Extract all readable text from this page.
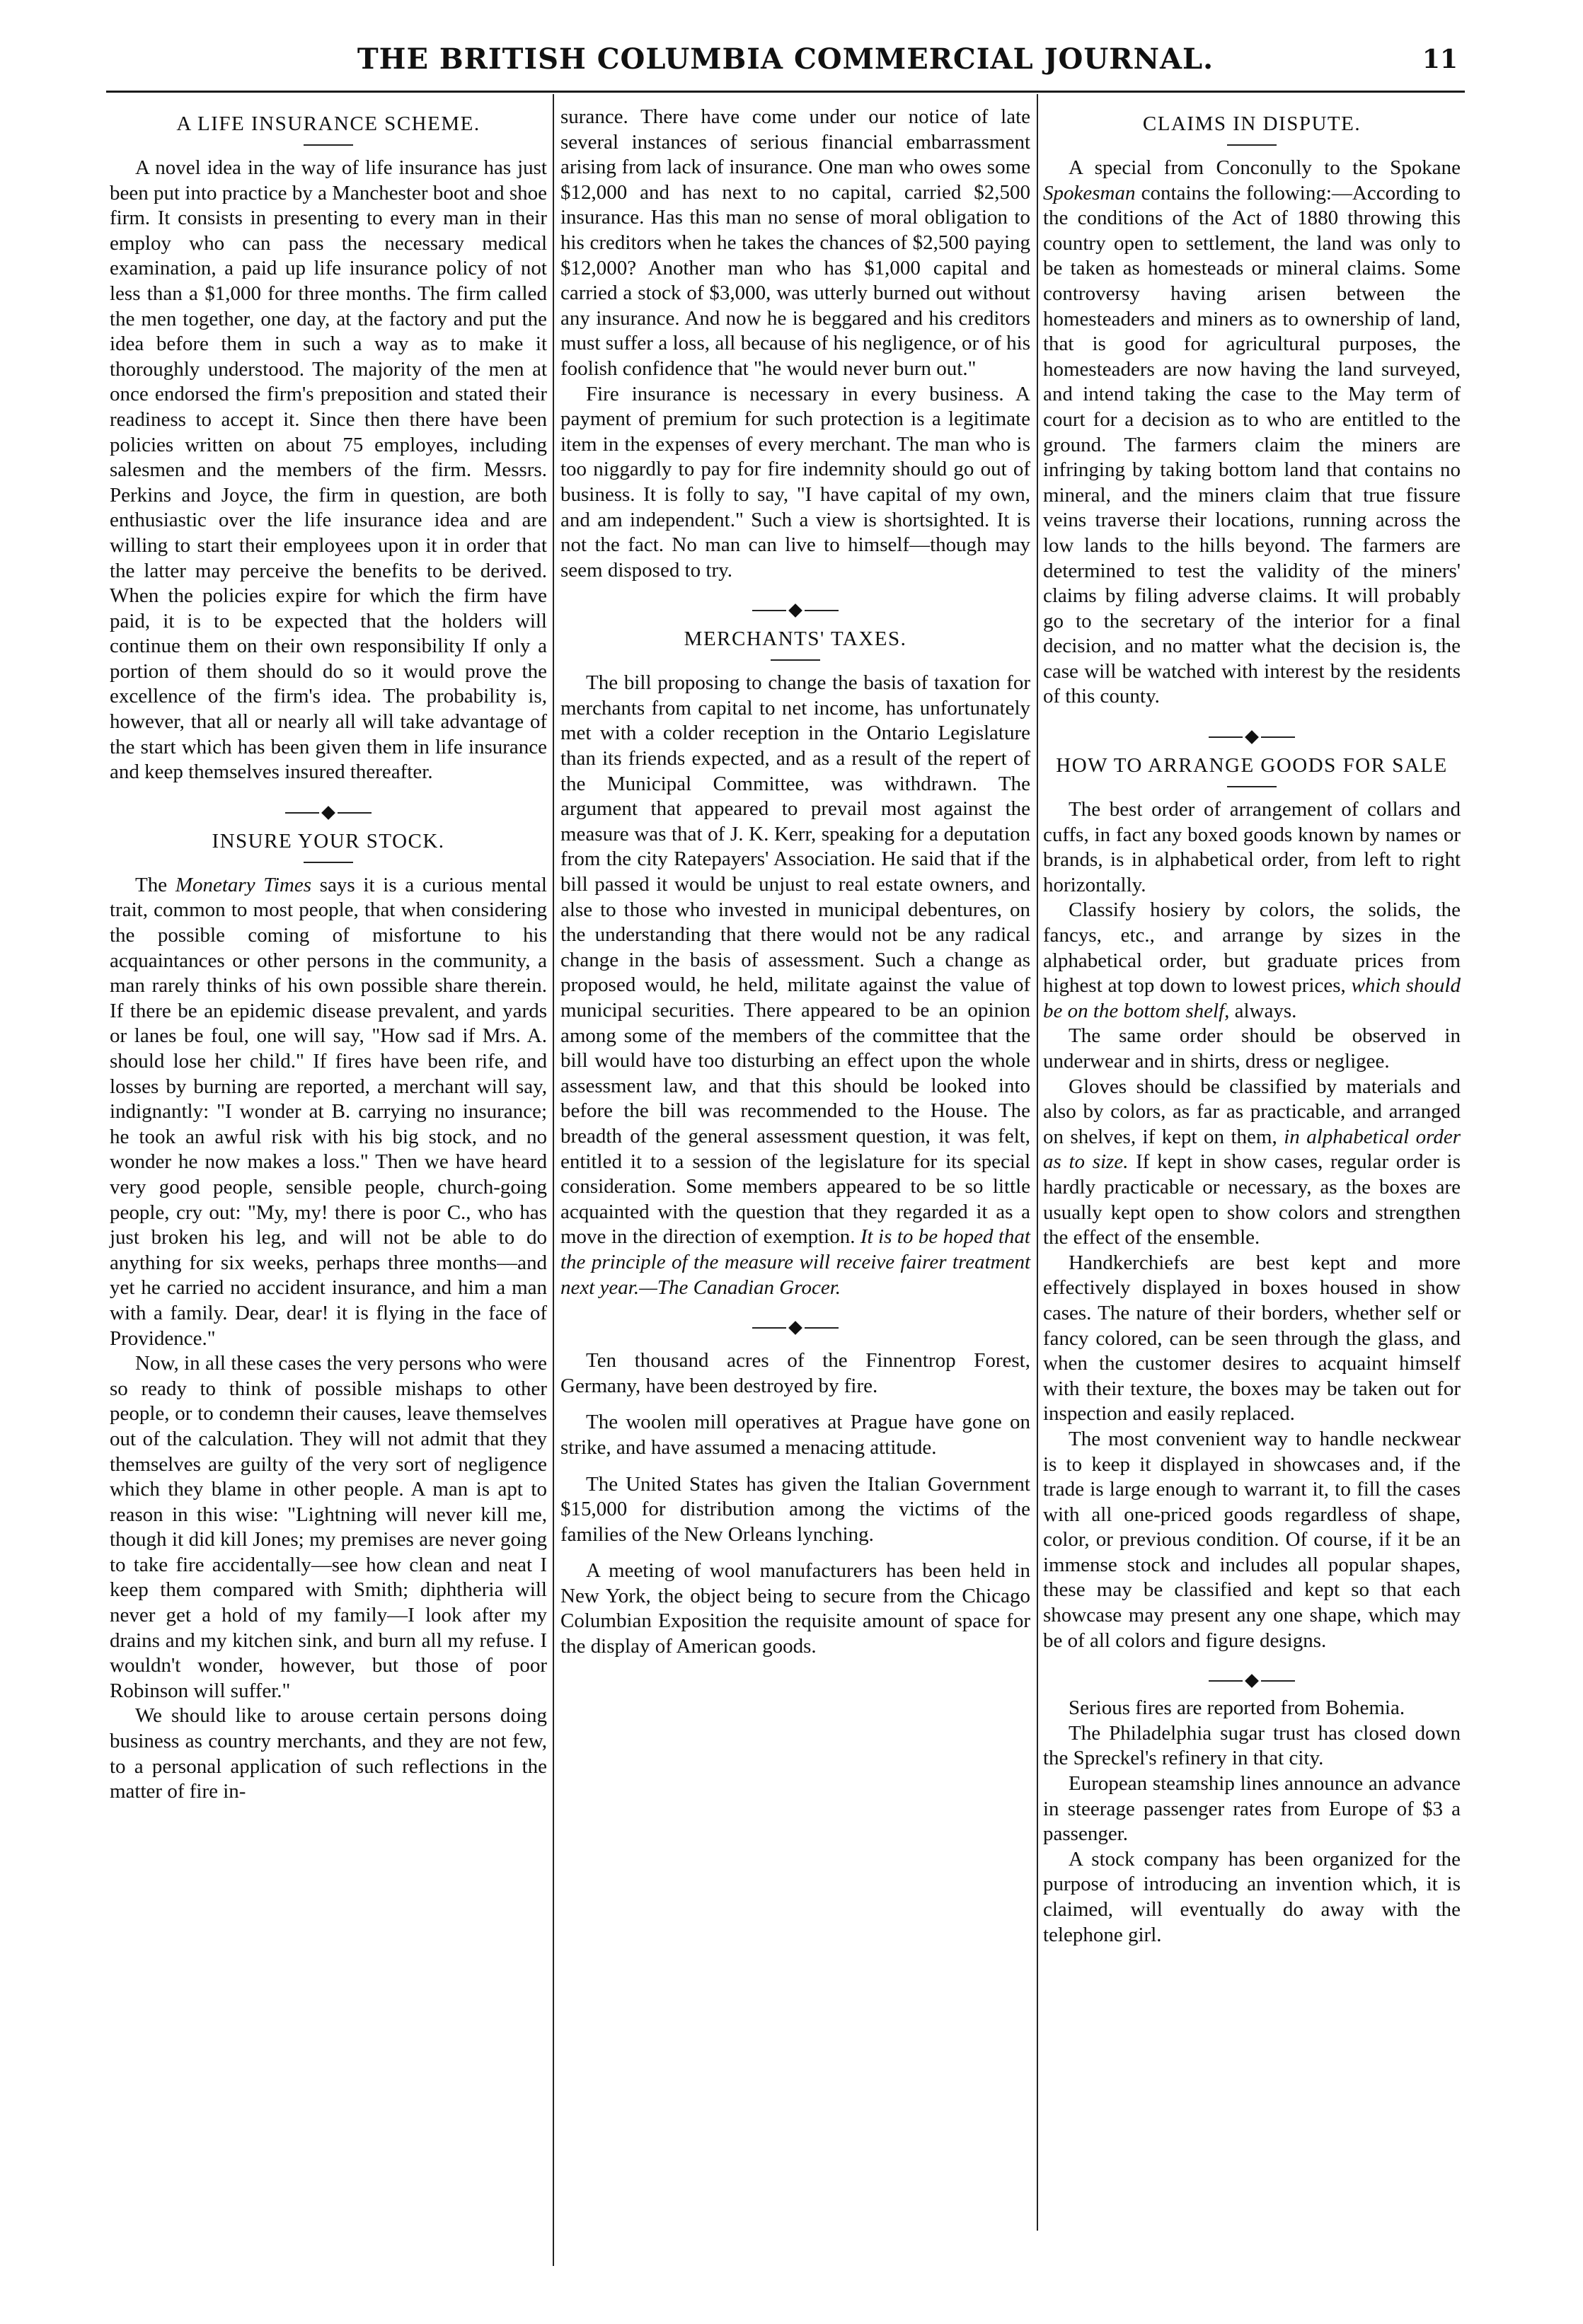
THE BRITISH COLUMBIA COMMERCIAL JOURNAL.	11
A LIFE INSURANCE SCHEME.

A novel idea in the way of life insurance has just been put into practice by a Manchester boot and shoe firm. It consists in presenting to every man in their employ who can pass the necessary medical examination, a paid up life insurance policy of not less than a $1,000 for three months. The firm called the men together, one day, at the factory and put the idea before them in such a way as to make it thoroughly understood. The majority of the men at once endorsed the firm's preposition and stated their readiness to accept it. Since then there have been policies written on about 75 employes, including salesmen and the members of the firm. Messrs. Perkins and Joyce, the firm in question, are both enthusiastic over the life insurance idea and are willing to start their employees upon it in order that the latter may perceive the benefits to be derived. When the policies expire for which the firm have paid, it is to be expected that the holders will continue them on their own responsibility If only a portion of them should do so it would prove the excellence of the firm's idea. The probability is, however, that all or nearly all will take advantage of the start which has been given them in life insurance and keep themselves insured thereafter.

INSURE YOUR STOCK.

The Monetary Times says it is a curious mental trait, common to most people, that when considering the possible coming of misfortune to his acquaintances or other persons in the community, a man rarely thinks of his own possible share therein. If there be an epidemic disease prevalent, and yards or lanes be foul, one will say, "How sad if Mrs. A. should lose her child." If fires have been rife, and losses by burning are reported, a merchant will say, indignantly: "I wonder at B. carrying no insurance; he took an awful risk with his big stock, and no wonder he now makes a loss." Then we have heard very good people, sensible people, church-going people, cry out: "My, my! there is poor C., who has just broken his leg, and will not be able to do anything for six weeks, perhaps three months—and yet he carried no accident insurance, and him a man with a family. Dear, dear! it is flying in the face of Providence."

Now, in all these cases the very persons who were so ready to think of possible mishaps to other people, or to condemn their causes, leave themselves out of the calculation. They will not admit that they themselves are guilty of the very sort of negligence which they blame in other people. A man is apt to reason in this wise: "Lightning will never kill me, though it did kill Jones; my premises are never going to take fire accidentally—see how clean and neat I keep them compared with Smith; diphtheria will never get a hold of my family—I look after my drains and my kitchen sink, and burn all my refuse. I wouldn't wonder, however, but those of poor Robinson will suffer."

We should like to arouse certain persons doing business as country merchants, and they are not few, to a personal application of such reflections in the matter of fire in-

surance. There have come under our notice of late several instances of serious financial embarrassment arising from lack of insurance. One man who owes some $12,000 and has next to no capital, carried $2,500 insurance. Has this man no sense of moral obligation to his creditors when he takes the chances of $2,500 paying $12,000? Another man who has $1,000 capital and carried a stock of $3,000, was utterly burned out without any insurance. And now he is beggared and his creditors must suffer a loss, all because of his negligence, or of his foolish confidence that "he would never burn out."

Fire insurance is necessary in every business. A payment of premium for such protection is a legitimate item in the expenses of every merchant. The man who is too niggardly to pay for fire indemnity should go out of business. It is folly to say, "I have capital of my own, and am independent." Such a view is shortsighted. It is not the fact. No man can live to himself—though may seem disposed to try.

MERCHANTS' TAXES.

The bill proposing to change the basis of taxation for merchants from capital to net income, has unfortunately met with a colder reception in the Ontario Legislature than its friends expected, and as a result of the repert of the Municipal Committee, was withdrawn. The argument that appeared to prevail most against the measure was that of J. K. Kerr, speaking for a deputation from the city Ratepayers' Association. He said that if the bill passed it would be unjust to real estate owners, and alse to those who invested in municipal debentures, on the understanding that there would not be any radical change in the basis of assessment. Such a change as proposed would, he held, militate against the value of municipal securities. There appeared to be an opinion among some of the members of the committee that the bill would have too disturbing an effect upon the whole assessment law, and that this should be looked into before the bill was recommended to the House. The breadth of the general assessment question, it was felt, entitled it to a session of the legislature for its special consideration. Some members appeared to be so little acquainted with the question that they regarded it as a move in the direction of exemption. It is to be hoped that the principle of the measure will receive fairer treatment next year.—The Canadian Grocer.

Ten thousand acres of the Finnentrop Forest, Germany, have been destroyed by fire.

The woolen mill operatives at Prague have gone on strike, and have assumed a menacing attitude.

The United States has given the Italian Government $15,000 for distribution among the victims of the families of the New Orleans lynching.

A meeting of wool manufacturers has been held in New York, the object being to secure from the Chicago Columbian Exposition the requisite amount of space for the display of American goods.

CLAIMS IN DISPUTE.

A special from Conconully to the Spokane Spokesman contains the following:—According to the conditions of the Act of 1880 throwing this country open to settlement, the land was only to be taken as homesteads or mineral claims. Some controversy having arisen between the homesteaders and miners as to ownership of land, that is good for agricultural purposes, the homesteaders are now having the land surveyed, and intend taking the case to the May term of court for a decision as to who are entitled to the ground. The farmers claim the miners are infringing by taking bottom land that contains no mineral, and the miners claim that true fissure veins traverse their locations, running across the low lands to the hills beyond. The farmers are determined to test the validity of the miners' claims by filing adverse claims. It will probably go to the secretary of the interior for a final decision, and no matter what the decision is, the case will be watched with interest by the residents of this county.

HOW TO ARRANGE GOODS FOR SALE

The best order of arrangement of collars and cuffs, in fact any boxed goods known by names or brands, is in alphabetical order, from left to right horizontally.

Classify hosiery by colors, the solids, the fancys, etc., and arrange by sizes in the alphabetical order, but graduate prices from highest at top down to lowest prices, which should be on the bottom shelf, always.

The same order should be observed in underwear and in shirts, dress or negligee.

Gloves should be classified by materials and also by colors, as far as practicable, and arranged on shelves, if kept on them, in alphabetical order as to size. If kept in show cases, regular order is hardly practicable or necessary, as the boxes are usually kept open to show colors and strengthen the effect of the ensemble.

Handkerchiefs are best kept and more effectively displayed in boxes housed in show cases. The nature of their borders, whether self or fancy colored, can be seen through the glass, and when the customer desires to acquaint himself with their texture, the boxes may be taken out for inspection and easily replaced.

The most convenient way to handle neckwear is to keep it displayed in showcases and, if the trade is large enough to warrant it, to fill the cases with all one-priced goods regardless of shape, color, or previous condition. Of course, if it be an immense stock and includes all popular shapes, these may be classified and kept so that each showcase may present any one shape, which may be of all colors and figure designs.

Serious fires are reported from Bohemia.

The Philadelphia sugar trust has closed down the Spreckel's refinery in that city.

European steamship lines announce an advance in steerage passenger rates from Europe of $3 a passenger.

A stock company has been organized for the purpose of introducing an invention which, it is claimed, will eventually do away with the telephone girl.
